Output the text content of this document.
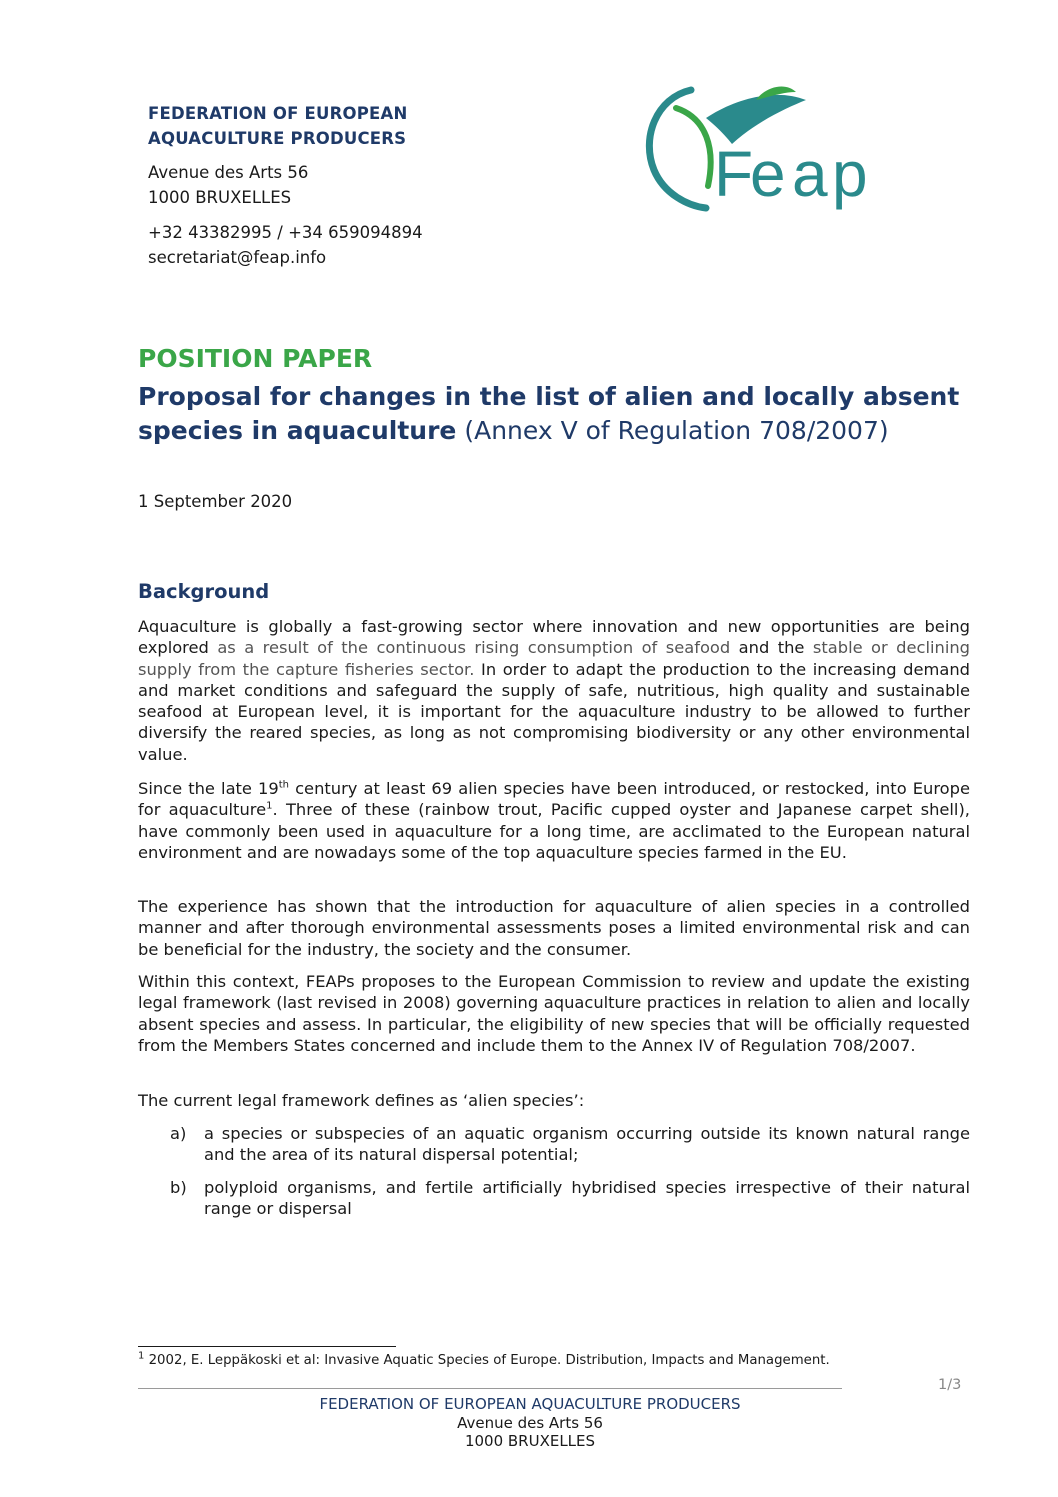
FEDERATION OF EUROPEAN
AQUACULTURE PRODUCERS
Avenue des Arts 56
1000 BRUXELLES
+32 43382995 / +34 659094894
secretariat@feap.info
F
e a p
POSITION PAPER
Proposal for changes in the list of alien and locally absent species in aquaculture (Annex V of Regulation 708/2007)
1 September 2020
Background

Aquaculture is globally a fast-growing sector where innovation and new opportunities are being explored as a result of the continuous rising consumption of seafood and the stable or declining supply from the capture fisheries sector. In order to adapt the production to the increasing demand and market conditions and safeguard the supply of safe, nutritious, high quality and sustainable seafood at European level, it is important for the aquaculture industry to be allowed to further diversify the reared species, as long as not compromising biodiversity or any other environmental value.

Since the late 19th century at least 69 alien species have been introduced, or restocked, into Europe for aquaculture$^1$. Three of these (rainbow trout, Pacific cupped oyster and Japanese carpet shell), have commonly been used in aquaculture for a long time, are acclimated to the European natural environment and are nowadays some of the top aquaculture species farmed in the EU.

The experience has shown that the introduction for aquaculture of alien species in a controlled manner and after thorough environmental assessments poses a limited environmental risk and can be beneficial for the industry, the society and the consumer.

Within this context, FEAPs proposes to the European Commission to review and update the existing legal framework (last revised in 2008) governing aquaculture practices in relation to alien and locally absent species and assess. In particular, the eligibility of new species that will be officially requested from the Members States concerned and include them to the Annex IV of Regulation 708/2007.

The current legal framework defines as ‘alien species’:

a) a species or subspecies of an aquatic organism occurring outside its known natural range and the area of its natural dispersal potential;
b) polyploid organisms, and fertile artificially hybridised species irrespective of their natural range or dispersal
$^1$ 2002, E. Leppäkoski et al: Invasive Aquatic Species of Europe. Distribution, Impacts and Management.
1/3
FEDERATION OF EUROPEAN AQUACULTURE PRODUCERS
Avenue des Arts 56
1000 BRUXELLES
